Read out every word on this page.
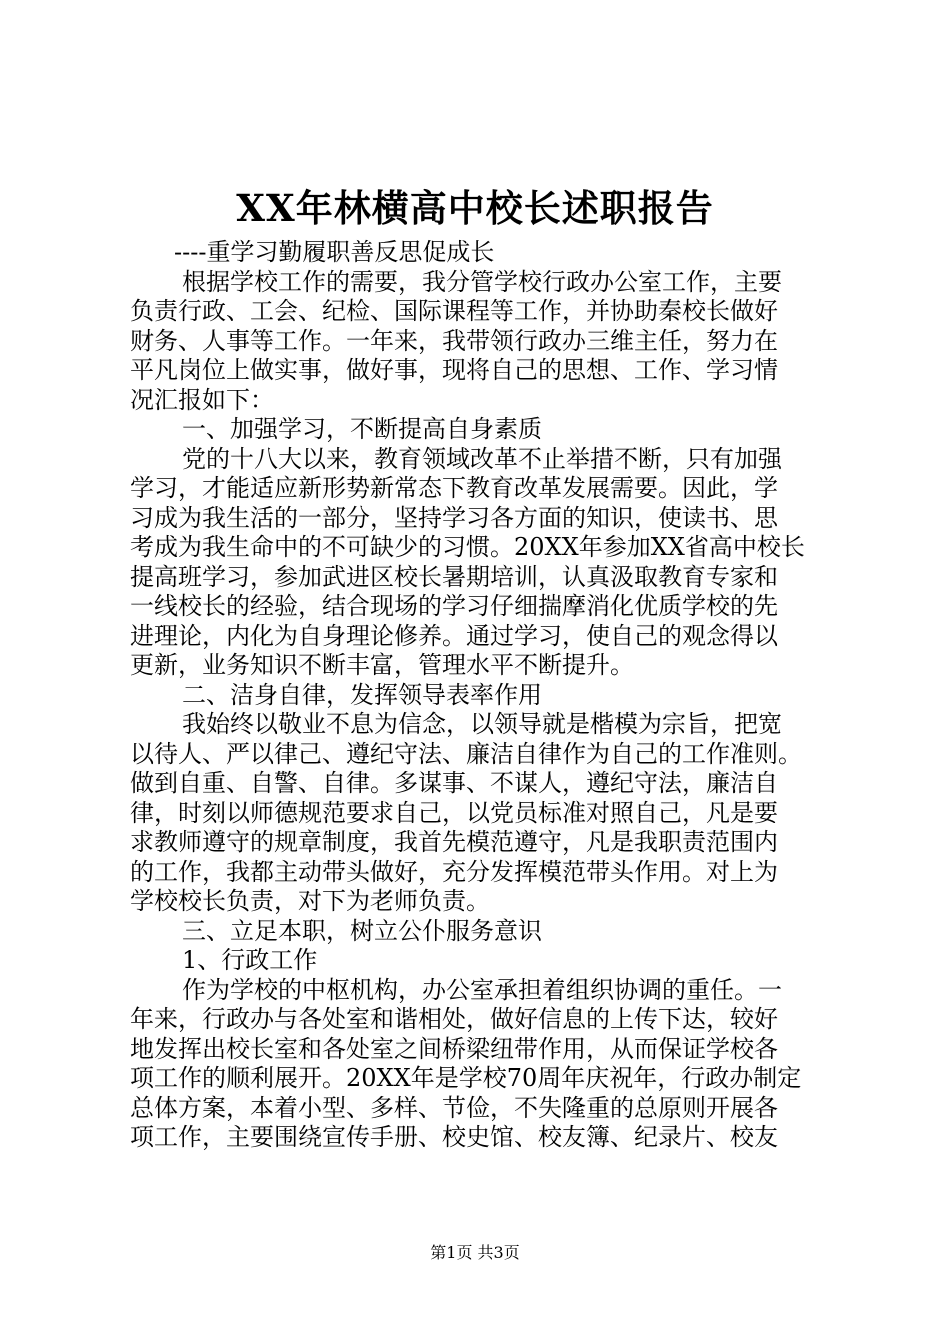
XX年林横高中校长述职报告
----重学习勤履职善反思促成长
根据学校工作的需要，我分管学校行政办公室工作，主要
负责行政、工会、纪检、国际课程等工作，并协助秦校长做好
财务、人事等工作。一年来，我带领行政办三维主任，努力在
平凡岗位上做实事，做好事，现将自己的思想、工作、学习情
况汇报如下：
一、加强学习，不断提高自身素质
党的十八大以来，教育领域改革不止举措不断，只有加强
学习，才能适应新形势新常态下教育改革发展需要。因此，学
习成为我生活的一部分，坚持学习各方面的知识，使读书、思
考成为我生命中的不可缺少的习惯。20XX年参加XX省高中校长
提高班学习，参加武进区校长暑期培训，认真汲取教育专家和
一线校长的经验，结合现场的学习仔细揣摩消化优质学校的先
进理论，内化为自身理论修养。通过学习，使自己的观念得以
更新，业务知识不断丰富，管理水平不断提升。
二、洁身自律，发挥领导表率作用
我始终以敬业不息为信念，以领导就是楷模为宗旨，把宽
以待人、严以律己、遵纪守法、廉洁自律作为自己的工作准则。
做到自重、自警、自律。多谋事、不谋人，遵纪守法，廉洁自
律，时刻以师德规范要求自己，以党员标准对照自己，凡是要
求教师遵守的规章制度，我首先模范遵守，凡是我职责范围内
的工作，我都主动带头做好，充分发挥模范带头作用。对上为
学校校长负责，对下为老师负责。
三、立足本职，树立公仆服务意识
1、行政工作
作为学校的中枢机构，办公室承担着组织协调的重任。一
年来，行政办与各处室和谐相处，做好信息的上传下达，较好
地发挥出校长室和各处室之间桥梁纽带作用，从而保证学校各
项工作的顺利展开。20XX年是学校70周年庆祝年，行政办制定
总体方案，本着小型、多样、节俭，不失隆重的总原则开展各
项工作，主要围绕宣传手册、校史馆、校友簿、纪录片、校友
第1页 共3页
